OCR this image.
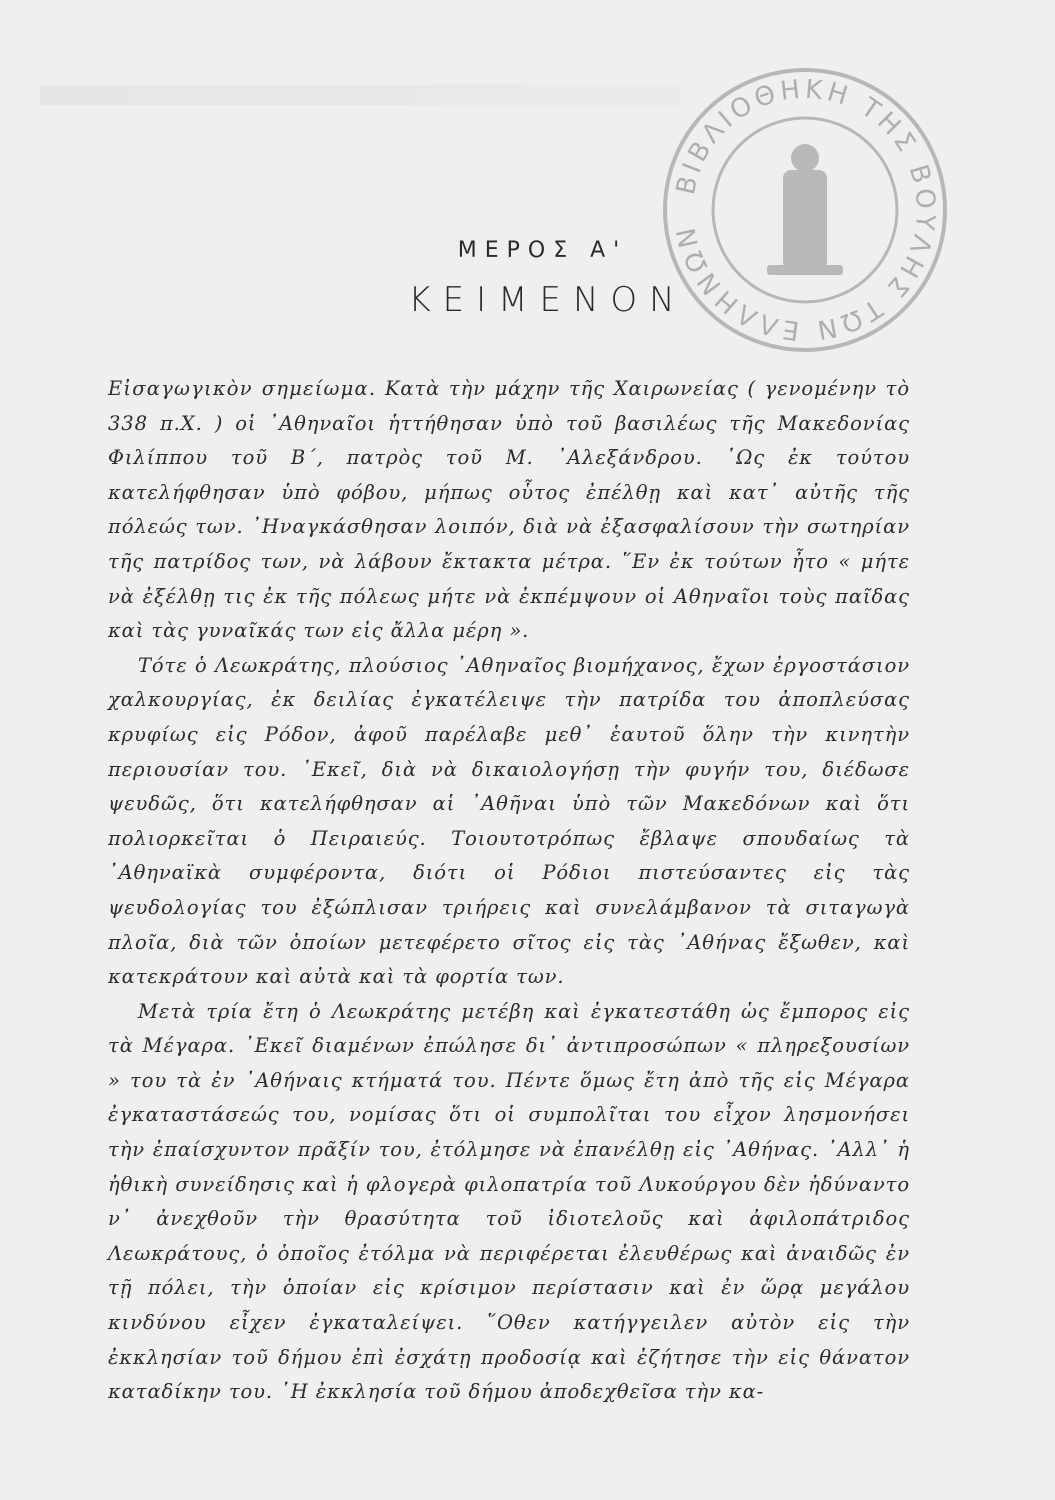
ΒΙΒΛΙΟΘΗΚΗ ΤΗΣ ΒΟΥΛΗΣ ΤΩΝ ΕΛΛΗΝΩΝ
ΜΕΡΟΣ Α'
ΚΕΙΜΕΝΟΝ

Εἰσαγωγικὸν σημείωμα. Κατὰ τὴν μάχην τῆς Χαιρωνείας ( γενομένην τὸ 338 π.Χ. ) οἱ ᾿Αθηναῖοι ἡττήθησαν ὑπὸ τοῦ βασιλέως τῆς Μακεδονίας Φιλίππου τοῦ Β΄, πατρὸς τοῦ Μ. ᾿Αλεξάνδρου. ῾Ως ἐκ τούτου κατελήφθησαν ὑπὸ φόβου, μήπως οὗτος ἐπέλθῃ καὶ κατ᾿ αὐτῆς τῆς πόλεώς των. ᾿Ηναγκάσθησαν λοιπόν, διὰ νὰ ἐξασφαλίσουν τὴν σωτηρίαν τῆς πατρίδος των, νὰ λάβουν ἔκτακτα μέτρα. ῞Εν ἐκ τούτων ἦτο « μήτε νὰ ἐξέλθῃ τις ἐκ τῆς πόλεως μήτε νὰ ἐκπέμψουν οἱ Αθηναῖοι τοὺς παῖδας καὶ τὰς γυναῖκάς των εἰς ἄλλα μέρη ».

Τότε ὁ Λεωκράτης, πλούσιος ᾿Αθηναῖος βιομήχανος, ἔχων ἐργοστάσιον χαλκουργίας, ἐκ δειλίας ἐγκατέλειψε τὴν πατρίδα του ἀποπλεύσας κρυφίως εἰς Ρόδον, ἀφοῦ παρέλαβε μεθ᾿ ἑαυτοῦ ὅλην τὴν κινητὴν περιουσίαν του. ᾿Εκεῖ, διὰ νὰ δικαιολογήσῃ τὴν φυγήν του, διέδωσε ψευδῶς, ὅτι κατελήφθησαν αἱ ᾿Αθῆναι ὑπὸ τῶν Μακεδόνων καὶ ὅτι πολιορκεῖται ὁ Πειραιεύς. Τοιουτοτρόπως ἔβλαψε σπουδαίως τὰ ᾿Αθηναϊκὰ συμφέροντα, διότι οἱ Ρόδιοι πιστεύσαντες εἰς τὰς ψευδολογίας του ἐξώπλισαν τριήρεις καὶ συνελάμβανον τὰ σιταγωγὰ πλοῖα, διὰ τῶν ὁποίων μετεφέρετο σῖτος εἰς τὰς ᾿Αθήνας ἔξωθεν, καὶ κατεκράτουν καὶ αὐτὰ καὶ τὰ φορτία των.

Μετὰ τρία ἔτη ὁ Λεωκράτης μετέβη καὶ ἐγκατεστάθη ὡς ἔμπορος εἰς τὰ Μέγαρα. ᾿Εκεῖ διαμένων ἐπώλησε δι᾿ ἀντιπροσώπων « πληρεξουσίων » του τὰ ἐν ᾿Αθήναις κτήματά του. Πέντε ὅμως ἔτη ἀπὸ τῆς εἰς Μέγαρα ἐγκαταστάσεώς του, νομίσας ὅτι οἱ συμπολῖται του εἶχον λησμονήσει τὴν ἐπαίσχυντον πρᾶξίν του, ἐτόλμησε νὰ ἐπανέλθῃ εἰς ᾿Αθήνας. ᾿Αλλ᾿ ἡ ἠθικὴ συνείδησις καὶ ἡ φλογερὰ φιλοπατρία τοῦ Λυκούργου δὲν ἠδύναντο ν᾿ ἀνεχθοῦν τὴν θρασύτητα τοῦ ἰδιοτελοῦς καὶ ἀφιλοπάτριδος Λεωκράτους, ὁ ὁποῖος ἐτόλμα νὰ περιφέρεται ἐλευθέρως καὶ ἀναιδῶς ἐν τῇ πόλει, τὴν ὁποίαν εἰς κρίσιμον περίστασιν καὶ ἐν ὥρᾳ μεγάλου κινδύνου εἶχεν ἐγκαταλείψει. ῞Οθεν κατήγγειλεν αὐτὸν εἰς τὴν ἐκκλησίαν τοῦ δήμου ἐπὶ ἐσχάτῃ προδοσίᾳ καὶ ἐζήτησε τὴν εἰς θάνατον καταδίκην του. ῾Η ἐκκλησία τοῦ δήμου ἀποδεχθεῖσα τὴν κα-
